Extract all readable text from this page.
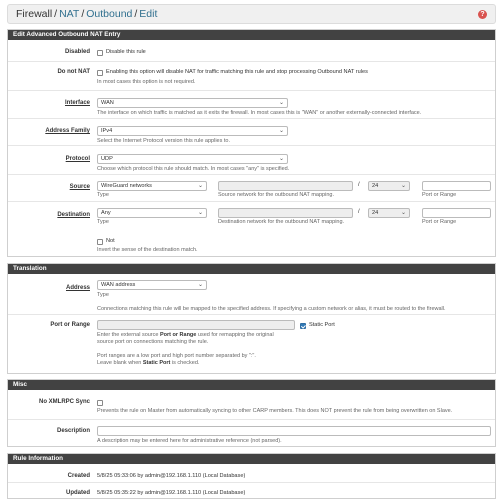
Firewall / NAT / Outbound / Edit	?
Edit Advanced Outbound NAT Entry
Disabled	Disable this rule
Do not NAT	Enabling this option will disable NAT for traffic matching this rule and stop processing Outbound NAT rules
In most cases this option is not required.
Interface	WAN	⌄
The interface on which traffic is matched as it exits the firewall. In most cases this is "WAN" or another externally-connected interface.
Address Family	IPv4	⌄
Select the Internet Protocol version this rule applies to.
Protocol	UDP	⌄
Choose which protocol this rule should match. In most cases "any" is specified.
Source	WireGuard networks	⌄
Type
/	24	⌄
Source network for the outbound NAT mapping.	Port or Range
Destination	Any	⌄
Type
/	24	⌄
Destination network for the outbound NAT mapping.	Port or Range
Not
Invert the sense of the destination match.
Translation
Address	WAN address	⌄
Type
Connections matching this rule will be mapped to the specified address. If specifying a custom network or alias, it must be routed to the firewall.
Port or Range	Static Port
Enter the external source Port or Range used for remapping the original
source port on connections matching the rule.
Port ranges are a low port and high port number separated by ":".
Leave blank when Static Port is checked.
Misc
No XMLRPC Sync
Prevents the rule on Master from automatically syncing to other CARP members. This does NOT prevent the rule from being overwritten on Slave.
Description
A description may be entered here for administrative reference (not parsed).
Rule Information
Created 5/8/25 05:33:06 by admin@192.168.1.110 (Local Database)
Updated 5/8/25 05:35:22 by admin@192.168.1.110 (Local Database)
